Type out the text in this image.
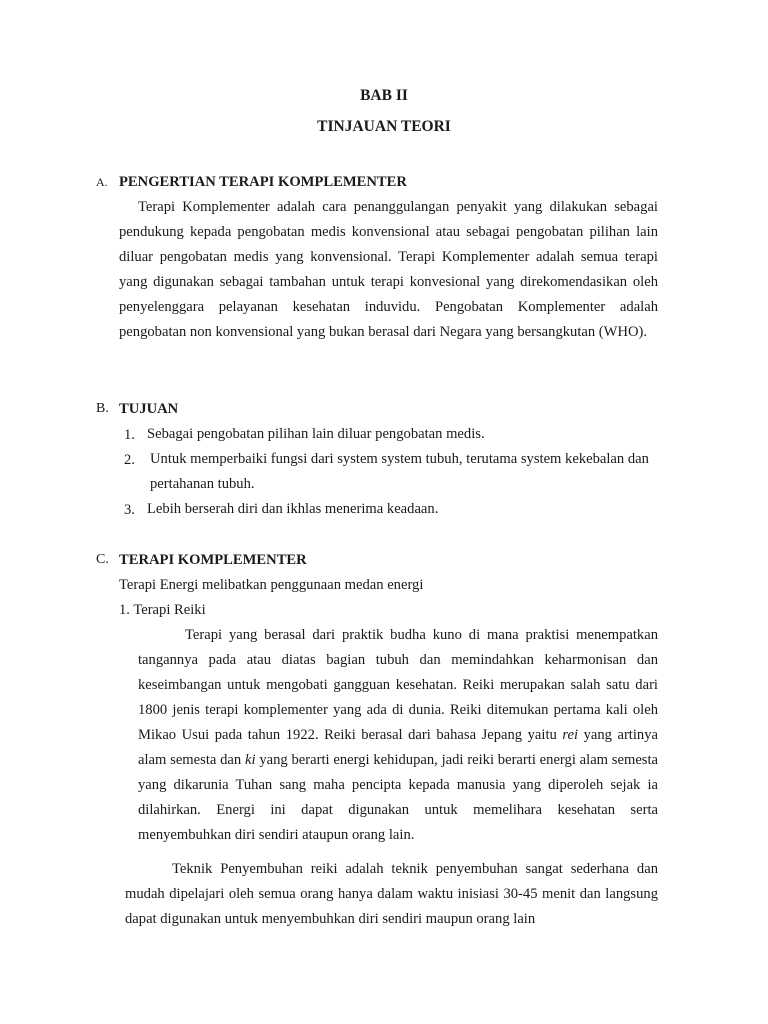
BAB II
TINJAUAN TEORI
A. PENGERTIAN TERAPI KOMPLEMENTER

Terapi Komplementer adalah cara penanggulangan penyakit yang dilakukan sebagai pendukung kepada pengobatan medis konvensional atau sebagai pengobatan pilihan lain diluar pengobatan medis yang konvensional. Terapi Komplementer adalah semua terapi yang digunakan sebagai tambahan untuk terapi konvesional yang direkomendasikan oleh penyelenggara pelayanan kesehatan induvidu. Pengobatan Komplementer adalah pengobatan non konvensional yang bukan berasal dari Negara yang bersangkutan (WHO).

B. TUJUAN
1. Sebagai pengobatan pilihan lain diluar pengobatan medis.
2. Untuk memperbaiki fungsi dari system system tubuh, terutama system kekebalan dan pertahanan tubuh.
3. Lebih berserah diri dan ikhlas menerima keadaan.
C. TERAPI KOMPLEMENTER
Terapi Energi melibatkan penggunaan medan energi
1. Terapi Reiki

Terapi yang berasal dari praktik budha kuno di mana praktisi menempatkan tangannya pada atau diatas bagian tubuh dan memindahkan keharmonisan dan keseimbangan untuk mengobati gangguan kesehatan. Reiki merupakan salah satu dari 1800 jenis terapi komplementer yang ada di dunia. Reiki ditemukan pertama kali oleh Mikao Usui pada tahun 1922. Reiki berasal dari bahasa Jepang yaitu rei yang artinya alam semesta dan ki yang berarti energi kehidupan, jadi reiki berarti energi alam semesta yang dikarunia Tuhan sang maha pencipta kepada manusia yang diperoleh sejak ia dilahirkan. Energi ini dapat digunakan untuk memelihara kesehatan serta menyembuhkan diri sendiri ataupun orang lain.

Teknik Penyembuhan reiki adalah teknik penyembuhan sangat sederhana dan mudah dipelajari oleh semua orang hanya dalam waktu inisiasi 30-45 menit dan langsung dapat digunakan untuk menyembuhkan diri sendiri maupun orang lain
